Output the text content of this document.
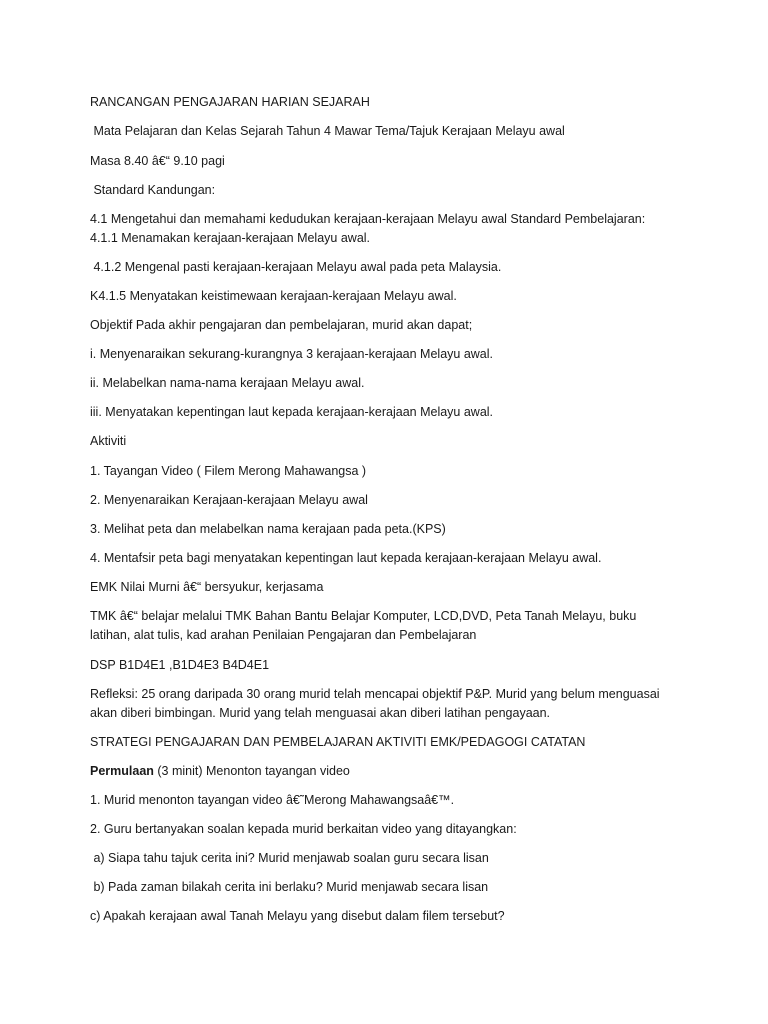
RANCANGAN PENGAJARAN HARIAN SEJARAH
Mata Pelajaran dan Kelas Sejarah Tahun 4 Mawar Tema/Tajuk Kerajaan Melayu awal
Masa 8.40 â€“ 9.10 pagi
Standard Kandungan:
4.1 Mengetahui dan memahami kedudukan kerajaan-kerajaan Melayu awal Standard Pembelajaran:
4.1.1 Menamakan kerajaan-kerajaan Melayu awal.
4.1.2 Mengenal pasti kerajaan-kerajaan Melayu awal pada peta Malaysia.
K4.1.5 Menyatakan keistimewaan kerajaan-kerajaan Melayu awal.
Objektif Pada akhir pengajaran dan pembelajaran, murid akan dapat;
i. Menyenaraikan sekurang-kurangnya 3 kerajaan-kerajaan Melayu awal.
ii. Melabelkan nama-nama kerajaan Melayu awal.
iii. Menyatakan kepentingan laut kepada kerajaan-kerajaan Melayu awal.
Aktiviti
1. Tayangan Video ( Filem Merong Mahawangsa )
2. Menyenaraikan Kerajaan-kerajaan Melayu awal
3. Melihat peta dan melabelkan nama kerajaan pada peta.(KPS)
4. Mentafsir peta bagi menyatakan kepentingan laut kepada kerajaan-kerajaan Melayu awal.
EMK Nilai Murni â€“ bersyukur, kerjasama
TMK â€“ belajar melalui TMK Bahan Bantu Belajar Komputer, LCD,DVD, Peta Tanah Melayu, buku
latihan, alat tulis, kad arahan Penilaian Pengajaran dan Pembelajaran
DSP B1D4E1 ,B1D4E3 B4D4E1
Refleksi: 25 orang daripada 30 orang murid telah mencapai objektif P&P. Murid yang belum menguasai
akan diberi bimbingan. Murid yang telah menguasai akan diberi latihan pengayaan.
STRATEGI PENGAJARAN DAN PEMBELAJARAN AKTIVITI EMK/PEDAGOGI CATATAN
Permulaan (3 minit) Menonton tayangan video
1. Murid menonton tayangan video â€˜Merong Mahawangsaâ€™.
2. Guru bertanyakan soalan kepada murid berkaitan video yang ditayangkan:
a) Siapa tahu tajuk cerita ini? Murid menjawab soalan guru secara lisan
b) Pada zaman bilakah cerita ini berlaku? Murid menjawab secara lisan
c) Apakah kerajaan awal Tanah Melayu yang disebut dalam filem tersebut?
